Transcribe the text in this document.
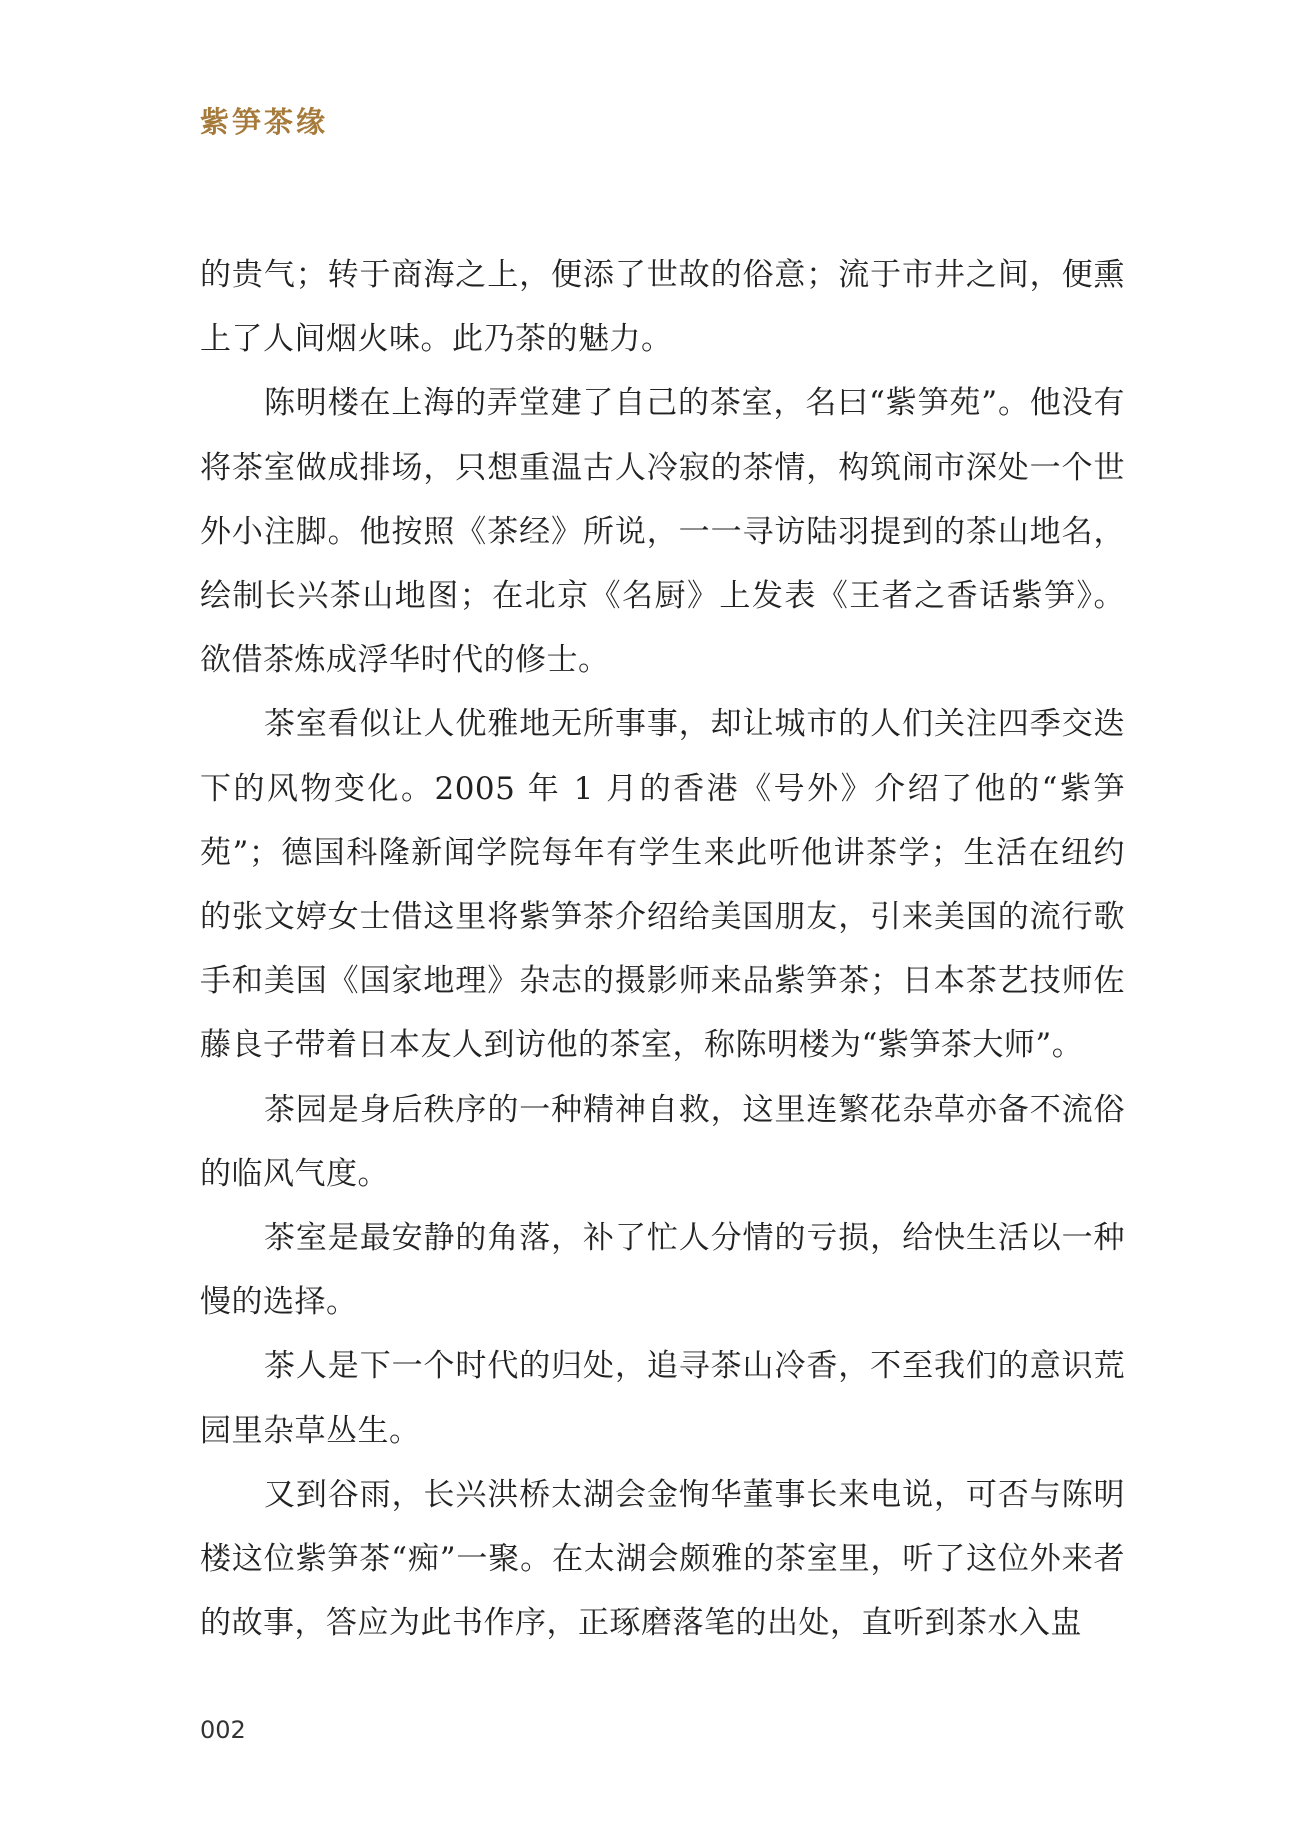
紫笋茶缘

的贵气；转于商海之上，便添了世故的俗意；流于市井之间，便熏上了人间烟火味。此乃茶的魅力。

陈明楼在上海的弄堂建了自己的茶室，名曰“紫笋苑”。他没有将茶室做成排场，只想重温古人冷寂的茶情，构筑闹市深处一个世外小注脚。他按照《茶经》所说，一一寻访陆羽提到的茶山地名，绘制长兴茶山地图；在北京《名厨》上发表《王者之香话紫笋》。欲借茶炼成浮华时代的修士。

茶室看似让人优雅地无所事事，却让城市的人们关注四季交迭下的风物变化。2005 年 1 月的香港《号外》介绍了他的“紫笋苑”；德国科隆新闻学院每年有学生来此听他讲茶学；生活在纽约的张文婷女士借这里将紫笋茶介绍给美国朋友，引来美国的流行歌手和美国《国家地理》杂志的摄影师来品紫笋茶；日本茶艺技师佐藤良子带着日本友人到访他的茶室，称陈明楼为“紫笋茶大师”。

茶园是身后秩序的一种精神自救，这里连繁花杂草亦备不流俗的临风气度。

茶室是最安静的角落，补了忙人分情的亏损，给快生活以一种慢的选择。

茶人是下一个时代的归处，追寻茶山冷香，不至我们的意识荒园里杂草丛生。

又到谷雨，长兴洪桥太湖会金恂华董事长来电说，可否与陈明楼这位紫笋茶“痴”一聚。在太湖会颇雅的茶室里，听了这位外来者的故事，答应为此书作序，正琢磨落笔的出处，直听到茶水入盅

002
